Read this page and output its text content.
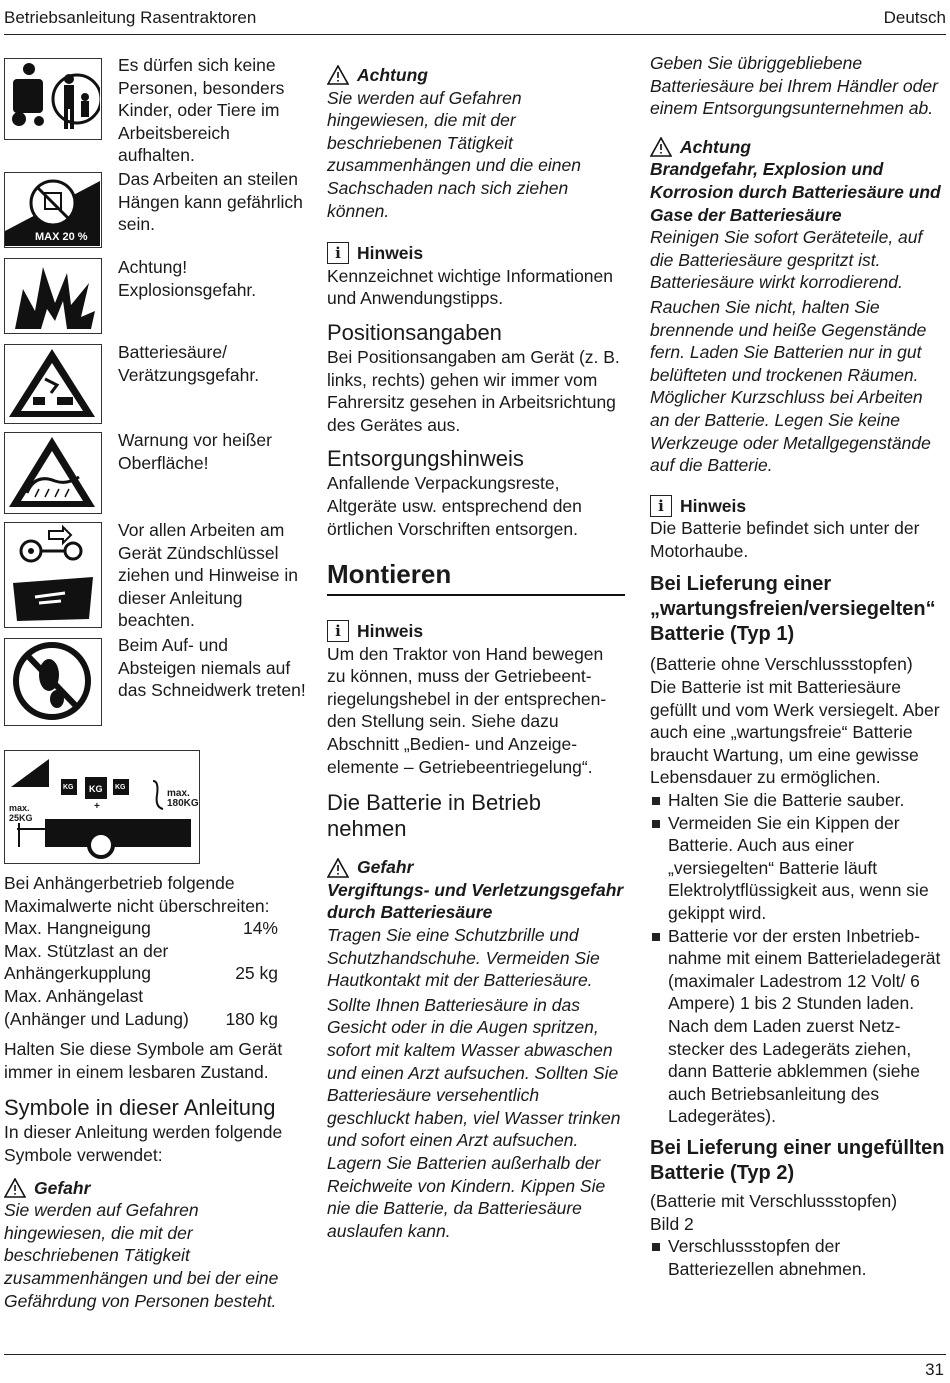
Betriebsanleitung Rasentraktoren	Deutsch

Es dürfen sich keine Personen, besonders Kinder, oder Tiere im Arbeitsbereich aufhalten.

MAX 20 %

Das Arbeiten an steilen Hängen kann gefährlich sein.

Achtung! Explosionsgefahr.

Batteriesäure/ Verätzungsgefahr.

Warnung vor heißer Oberfläche!

Vor allen Arbeiten am Gerät Zündschlüssel ziehen und Hinweise in dieser Anleitung beachten.

Beim Auf- und Absteigen niemals auf das Schneidwerk treten!

KG KG KG
+
max.
180KG
max.
25KG

Bei Anhängerbetrieb folgende Maximalwerte nicht überschreiten:

Max. Hangneigung	14%
Max. Stützlast an der Anhängerkupplung	25 kg
Max. Anhängelast (Anhänger und Ladung)	180 kg

Halten Sie diese Symbole am Gerät immer in einem lesbaren Zustand.

Symbole in dieser Anleitung

In dieser Anleitung werden folgende Symbole verwendet:

Gefahr

Sie werden auf Gefahren hingewiesen, die mit der beschriebenen Tätigkeit zusammenhängen und bei der eine Gefährdung von Personen besteht.

Achtung

Sie werden auf Gefahren hingewiesen, die mit der beschriebenen Tätigkeit zusammenhängen und die einen Sachschaden nach sich ziehen können.

i Hinweis

Kennzeichnet wichtige Informationen und Anwendungstipps.

Positionsangaben

Bei Positionsangaben am Gerät (z. B. links, rechts) gehen wir immer vom Fahrersitz gesehen in Arbeitsrichtung des Gerätes aus.

Entsorgungshinweis

Anfallende Verpackungsreste, Altgeräte usw. entsprechend den örtlichen Vorschriften entsorgen.

Montieren
i Hinweis

Um den Traktor von Hand bewegen zu können, muss der Getriebeent-riegelungshebel in der entsprechen-den Stellung sein. Siehe dazu Abschnitt „Bedien- und Anzeige-elemente – Getriebeentriegelung“.

Die Batterie in Betrieb nehmen
Gefahr

Vergiftungs- und Verletzungsgefahr durch Batteriesäure

Tragen Sie eine Schutzbrille und Schutzhandschuhe. Vermeiden Sie Hautkontakt mit der Batteriesäure.

Sollte Ihnen Batteriesäure in das Gesicht oder in die Augen spritzen, sofort mit kaltem Wasser abwaschen und einen Arzt aufsuchen. Sollten Sie Batteriesäure versehentlich geschluckt haben, viel Wasser trinken und sofort einen Arzt aufsuchen. Lagern Sie Batterien außerhalb der Reichweite von Kindern. Kippen Sie nie die Batterie, da Batteriesäure auslaufen kann.

Geben Sie übriggebliebene Batteriesäure bei Ihrem Händler oder einem Entsorgungsunternehmen ab.

Achtung

Brandgefahr, Explosion und Korrosion durch Batteriesäure und Gase der Batteriesäure

Reinigen Sie sofort Geräteteile, auf die Batteriesäure gespritzt ist. Batteriesäure wirkt korrodierend.

Rauchen Sie nicht, halten Sie brennende und heiße Gegenstände fern. Laden Sie Batterien nur in gut belüfteten und trockenen Räumen. Möglicher Kurzschluss bei Arbeiten an der Batterie. Legen Sie keine Werkzeuge oder Metallgegenstände auf die Batterie.

i Hinweis

Die Batterie befindet sich unter der Motorhaube.

Bei Lieferung einer „wartungsfreien/versiegelten“ Batterie (Typ 1)

(Batterie ohne Verschlussstopfen)

Die Batterie ist mit Batteriesäure gefüllt und vom Werk versiegelt. Aber auch eine „wartungsfreie“ Batterie braucht Wartung, um eine gewisse Lebensdauer zu ermöglichen.

Halten Sie die Batterie sauber.
Vermeiden Sie ein Kippen der Batterie. Auch aus einer „versiegelten“ Batterie läuft Elektrolytflüssigkeit aus, wenn sie gekippt wird.
Batterie vor der ersten Inbetrieb-nahme mit einem Batterieladegerät (maximaler Ladestrom 12 Volt/ 6 Ampere) 1 bis 2 Stunden laden. Nach dem Laden zuerst Netz-stecker des Ladegeräts ziehen, dann Batterie abklemmen (siehe auch Betriebsanleitung des Ladegerätes).
Bei Lieferung einer ungefüllten Batterie (Typ 2)

(Batterie mit Verschlussstopfen)

Bild 2

Verschlussstopfen der Batteriezellen abnehmen.
31
